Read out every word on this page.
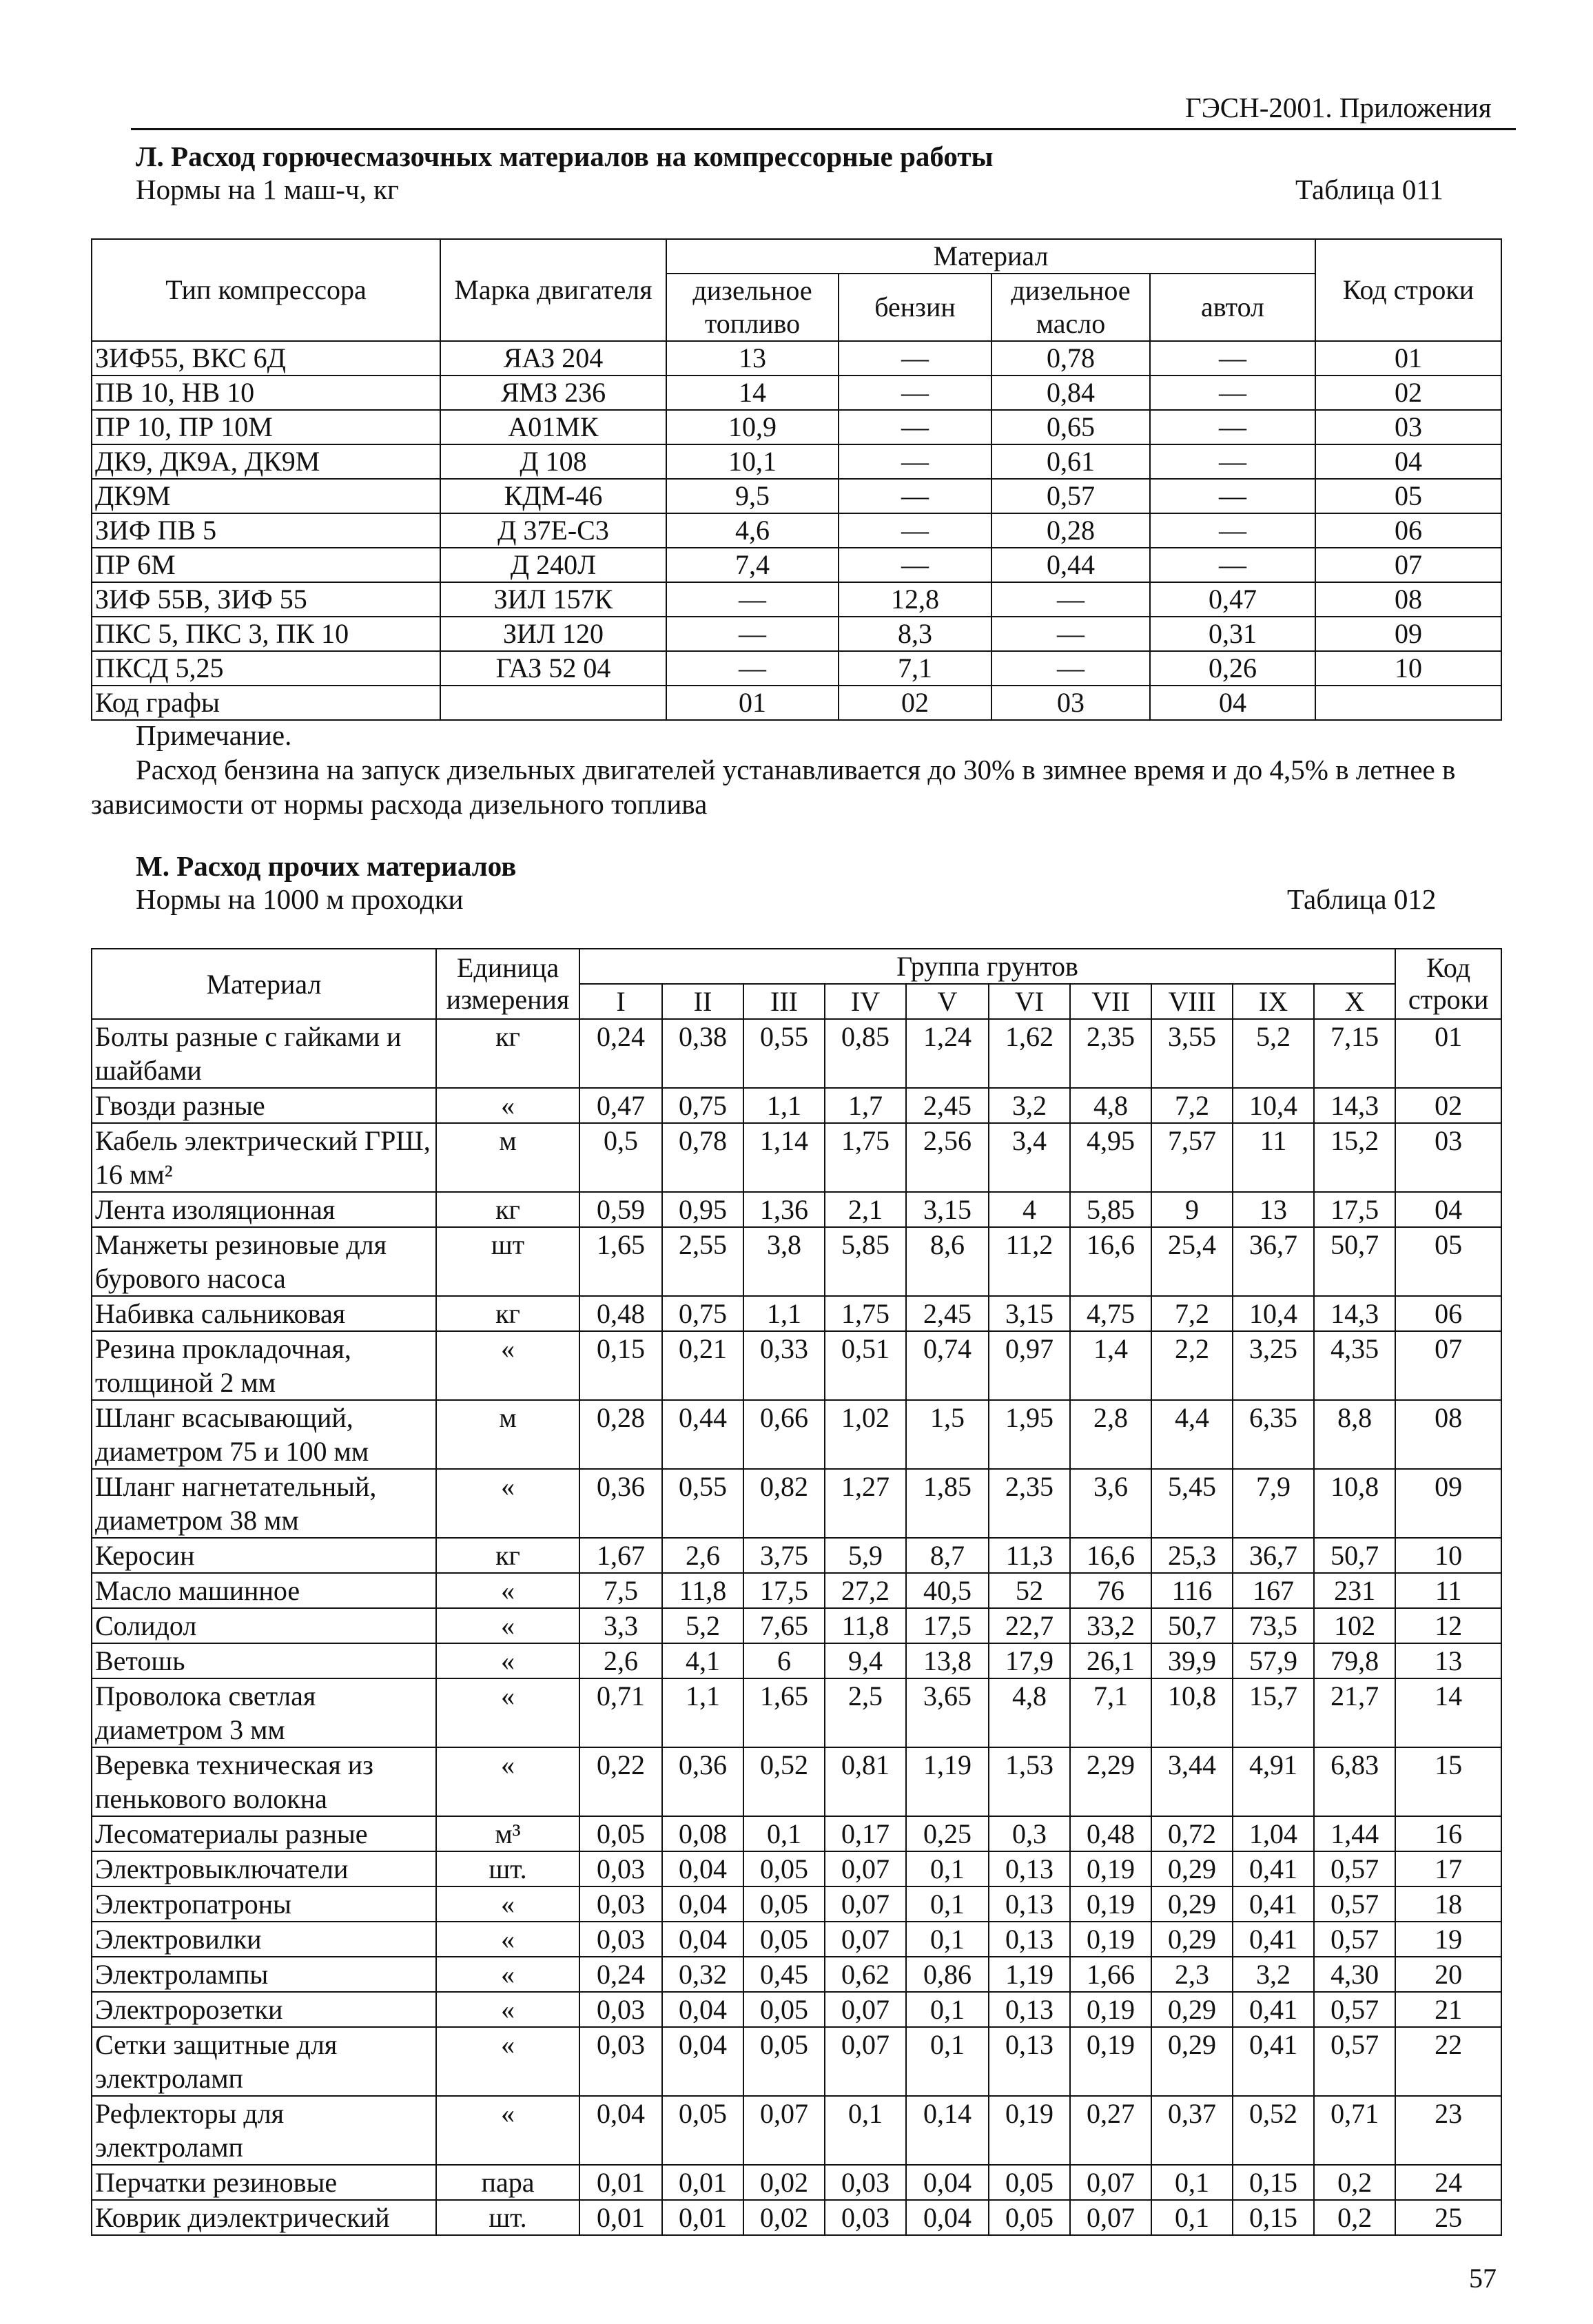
ГЭСН-2001. Приложения
Л. Расход горючесмазочных материалов на компрессорные работы
Нормы на 1 маш-ч, кг	Таблица 011
Тип компрессора	Марка двигателя	Материал				Код строки
		дизельное топливо	бензин	дизельное масло	автол	
ЗИФ55, ВКС 6Д	ЯАЗ 204	13	—	0,78	—	01
ПВ 10, НВ 10	ЯМЗ 236	14	—	0,84	—	02
ПР 10, ПР 10М	А01МК	10,9	—	0,65	—	03
ДК9, ДК9А, ДК9М	Д 108	10,1	—	0,61	—	04
ДК9М	КДМ-46	9,5	—	0,57	—	05
ЗИФ ПВ 5	Д 37Е-С3	4,6	—	0,28	—	06
ПР 6М	Д 240Л	7,4	—	0,44	—	07
ЗИФ 55В, ЗИФ 55	ЗИЛ 157К	—	12,8	—	0,47	08
ПКС 5, ПКС 3, ПК 10	ЗИЛ 120	—	8,3	—	0,31	09
ПКСД 5,25	ГАЗ 52 04	—	7,1	—	0,26	10
Код графы		01	02	03	04	
Примечание.
Расход бензина на запуск дизельных двигателей устанавливается до 30% в зимнее время и до 4,5% в летнее в
зависимости от нормы расхода дизельного топлива
М. Расход прочих материалов
Нормы на 1000 м проходки	Таблица 012
Материал	Единица измерения	Группа грунтов										Код строки
		I	II	III	IV	V	VI	VII	VIII	IX	X	
Болты разные с гайками и шайбами	кг	0,24	0,38	0,55	0,85	1,24	1,62	2,35	3,55	5,2	7,15	01
Гвозди разные	«	0,47	0,75	1,1	1,7	2,45	3,2	4,8	7,2	10,4	14,3	02
Кабель электрический ГРШ, 16 мм²	м	0,5	0,78	1,14	1,75	2,56	3,4	4,95	7,57	11	15,2	03
Лента изоляционная	кг	0,59	0,95	1,36	2,1	3,15	4	5,85	9	13	17,5	04
Манжеты резиновые для бурового насоса	шт	1,65	2,55	3,8	5,85	8,6	11,2	16,6	25,4	36,7	50,7	05
Набивка сальниковая	кг	0,48	0,75	1,1	1,75	2,45	3,15	4,75	7,2	10,4	14,3	06
Резина прокладочная, толщиной 2 мм	«	0,15	0,21	0,33	0,51	0,74	0,97	1,4	2,2	3,25	4,35	07
Шланг всасывающий, диаметром 75 и 100 мм	м	0,28	0,44	0,66	1,02	1,5	1,95	2,8	4,4	6,35	8,8	08
Шланг нагнетательный, диаметром 38 мм	«	0,36	0,55	0,82	1,27	1,85	2,35	3,6	5,45	7,9	10,8	09
Керосин	кг	1,67	2,6	3,75	5,9	8,7	11,3	16,6	25,3	36,7	50,7	10
Масло машинное	«	7,5	11,8	17,5	27,2	40,5	52	76	116	167	231	11
Солидол	«	3,3	5,2	7,65	11,8	17,5	22,7	33,2	50,7	73,5	102	12
Ветошь	«	2,6	4,1	6	9,4	13,8	17,9	26,1	39,9	57,9	79,8	13
Проволока светлая диаметром 3 мм	«	0,71	1,1	1,65	2,5	3,65	4,8	7,1	10,8	15,7	21,7	14
Веревка техническая из пенькового волокна	«	0,22	0,36	0,52	0,81	1,19	1,53	2,29	3,44	4,91	6,83	15
Лесоматериалы разные	м³	0,05	0,08	0,1	0,17	0,25	0,3	0,48	0,72	1,04	1,44	16
Электровыключатели	шт.	0,03	0,04	0,05	0,07	0,1	0,13	0,19	0,29	0,41	0,57	17
Электропатроны	«	0,03	0,04	0,05	0,07	0,1	0,13	0,19	0,29	0,41	0,57	18
Электровилки	«	0,03	0,04	0,05	0,07	0,1	0,13	0,19	0,29	0,41	0,57	19
Электролампы	«	0,24	0,32	0,45	0,62	0,86	1,19	1,66	2,3	3,2	4,30	20
Электророзетки	«	0,03	0,04	0,05	0,07	0,1	0,13	0,19	0,29	0,41	0,57	21
Сетки защитные для электроламп	«	0,03	0,04	0,05	0,07	0,1	0,13	0,19	0,29	0,41	0,57	22
Рефлекторы для электроламп	«	0,04	0,05	0,07	0,1	0,14	0,19	0,27	0,37	0,52	0,71	23
Перчатки резиновые	пара	0,01	0,01	0,02	0,03	0,04	0,05	0,07	0,1	0,15	0,2	24
Коврик диэлектрический	шт.	0,01	0,01	0,02	0,03	0,04	0,05	0,07	0,1	0,15	0,2	25
57
